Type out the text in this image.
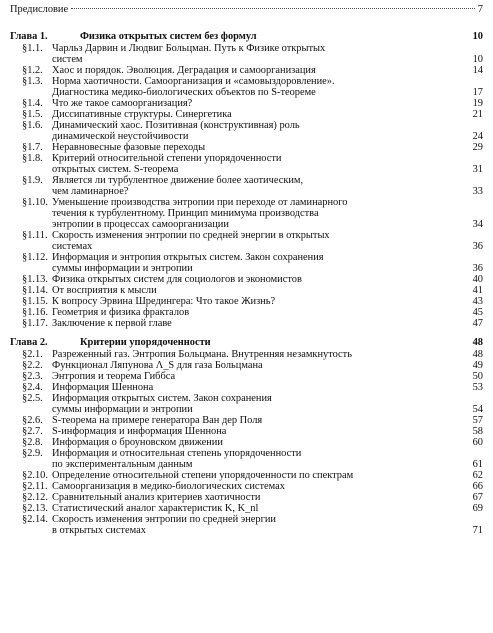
Предисловие	7
Глава 1.	Физика открытых систем без формул	10
§1.1. Чарльз Дарвин и Людвиг Больцман. Путь к Физике открытых
систем	10
§1.2. Хаос и порядок. Эволюция. Деградация и самоорганизация	14
§1.3. Норма хаотичности. Самоорганизация и «самовыздоровление».
Диагностика медико-биологических объектов по S-теореме	17
§1.4. Что же такое самоорганизация?	19
§1.5. Диссипативные структуры. Синергетика	21
§1.6. Динамический хаос. Позитивная (конструктивная) роль
динамической неустойчивости	24
§1.7. Неравновесные фазовые переходы	29
§1.8. Критерий относительной степени упорядоченности
открытых систем. S-теорема	31
§1.9. Является ли турбулентное движение более хаотическим,
чем ламинарное?	33
§1.10. Уменьшение производства энтропии при переходе от ламинарного
течения к турбулентному. Принцип минимума производства
энтропии в процессах самоорганизации	34
§1.11. Скорость изменения энтропии по средней энергии в открытых
системах	36
§1.12. Информация и энтропия открытых систем. Закон сохранения
суммы информации и энтропии	36
§1.13. Физика открытых систем для социологов и экономистов	40
§1.14. От восприятия к мысли	41
§1.15. К вопросу Эрвина Шредингера: Что такое Жизнь?	43
§1.16. Геометрия и физика фракталов	45
§1.17. Заключение к первой главе	47
Глава 2.	Критерии упорядоченности	48
§2.1. Разреженный газ. Энтропия Больцмана. Внутренняя незамкнутость	48
§2.2. Функционал Ляпунова Λ_S для газа Больцмана	49
§2.3. Энтропия и теорема Гиббса	50
§2.4. Информация Шеннона	53
§2.5. Информация открытых систем. Закон сохранения
суммы информации и энтропии	54
§2.6. S-теорема на примере генератора Ван дер Поля	57
§2.7. S-информация и информация Шеннона	58
§2.8. Информация о броуновском движении	60
§2.9. Информация и относительная степень упорядоченности
по экспериментальным данным	61
§2.10. Определение относительной степени упорядоченности по спектрам	62
§2.11. Самоорганизация в медико-биологических системах	66
§2.12. Сравнительный анализ критериев хаотичности	67
§2.13. Статистический аналог характеристик K, K_nl	69
§2.14. Скорость изменения энтропии по средней энергии
в открытых системах	71
